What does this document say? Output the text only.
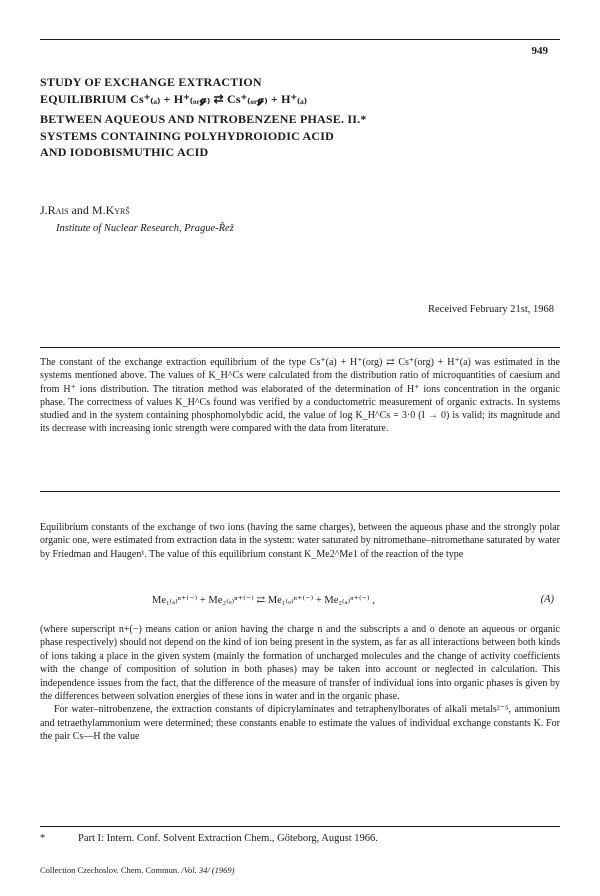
949
STUDY OF EXCHANGE EXTRACTION
EQUILIBRIUM Cs⁺₍ₐ₎ + H⁺₍ₒᵣ𝓰₎ ⇄ Cs⁺₍ₒᵣ𝓰₎ + H⁺₍ₐ₎
BETWEEN AQUEOUS AND NITROBENZENE PHASE. II.*
SYSTEMS CONTAINING POLYHYDROIODIC ACID
AND IODOBISMUTHIC ACID
J.Rais and M.Kyrš
Institute of Nuclear Research, Prague-Řež
Received February 21st, 1968
The constant of the exchange extraction equilibrium of the type Cs⁺(a) + H⁺(org) ⇄ Cs⁺(org) + H⁺(a) was estimated in the systems mentioned above. The values of K_H^Cs were calculated from the distribution ratio of microquantities of caesium and from H⁺ ions distribution. The titration method was elaborated of the determination of H⁺ ions concentration in the organic phase. The correctness of values K_H^Cs found was verified by a conductometric measurement of organic extracts. In systems studied and in the system containing phosphomolybdic acid, the value of log K_H^Cs = 3·0 (I → 0) is valid; its magnitude and its decrease with increasing ionic strength were compared with the data from literature.

Equilibrium constants of the exchange of two ions (having the same charges), between the aqueous phase and the strongly polar organic one, were estimated from extraction data in the system: water saturated by nitromethane–nitromethane saturated by water by Friedman and Haugen¹. The value of this equilibrium constant K_Me2^Me1 of the reaction of the type

Me₁₍ₐ₎ⁿ⁺⁽⁻⁾ + Me₂₍ₒ₎ⁿ⁺⁽⁻⁾ ⇄ Me₁₍ₒ₎ⁿ⁺⁽⁻⁾ + Me₂₍ₐ₎ⁿ⁺⁽⁻⁾ ,	(A)

(where superscript n+(−) means cation or anion having the charge n and the subscripts a and o denote an aqueous or organic phase respectively) should not depend on the kind of ion being present in the system, as far as all interactions between both kinds of ions taking a place in the given system (mainly the formation of uncharged molecules and the change of activity coefficients with the change of composition of solution in both phases) may be taken into account or neglected in calculation. This independence issues from the fact, that the difference of the measure of transfer of individual ions into organic phases is given by the differences between solvation energies of these ions in water and in the organic phase.

For water–nitrobenzene, the extraction constants of dipicrylaminates and tetraphenylborates of alkali metals²⁻⁵, ammonium and tetraethylammonium were determined; these constants enable to estimate the values of individual exchange constants K. For the pair Cs—H the value

*	Part I: Intern. Conf. Solvent Extraction Chem., Göteborg, August 1966.
Collection Czechoslov. Chem. Commun. /Vol. 34/ (1969)
